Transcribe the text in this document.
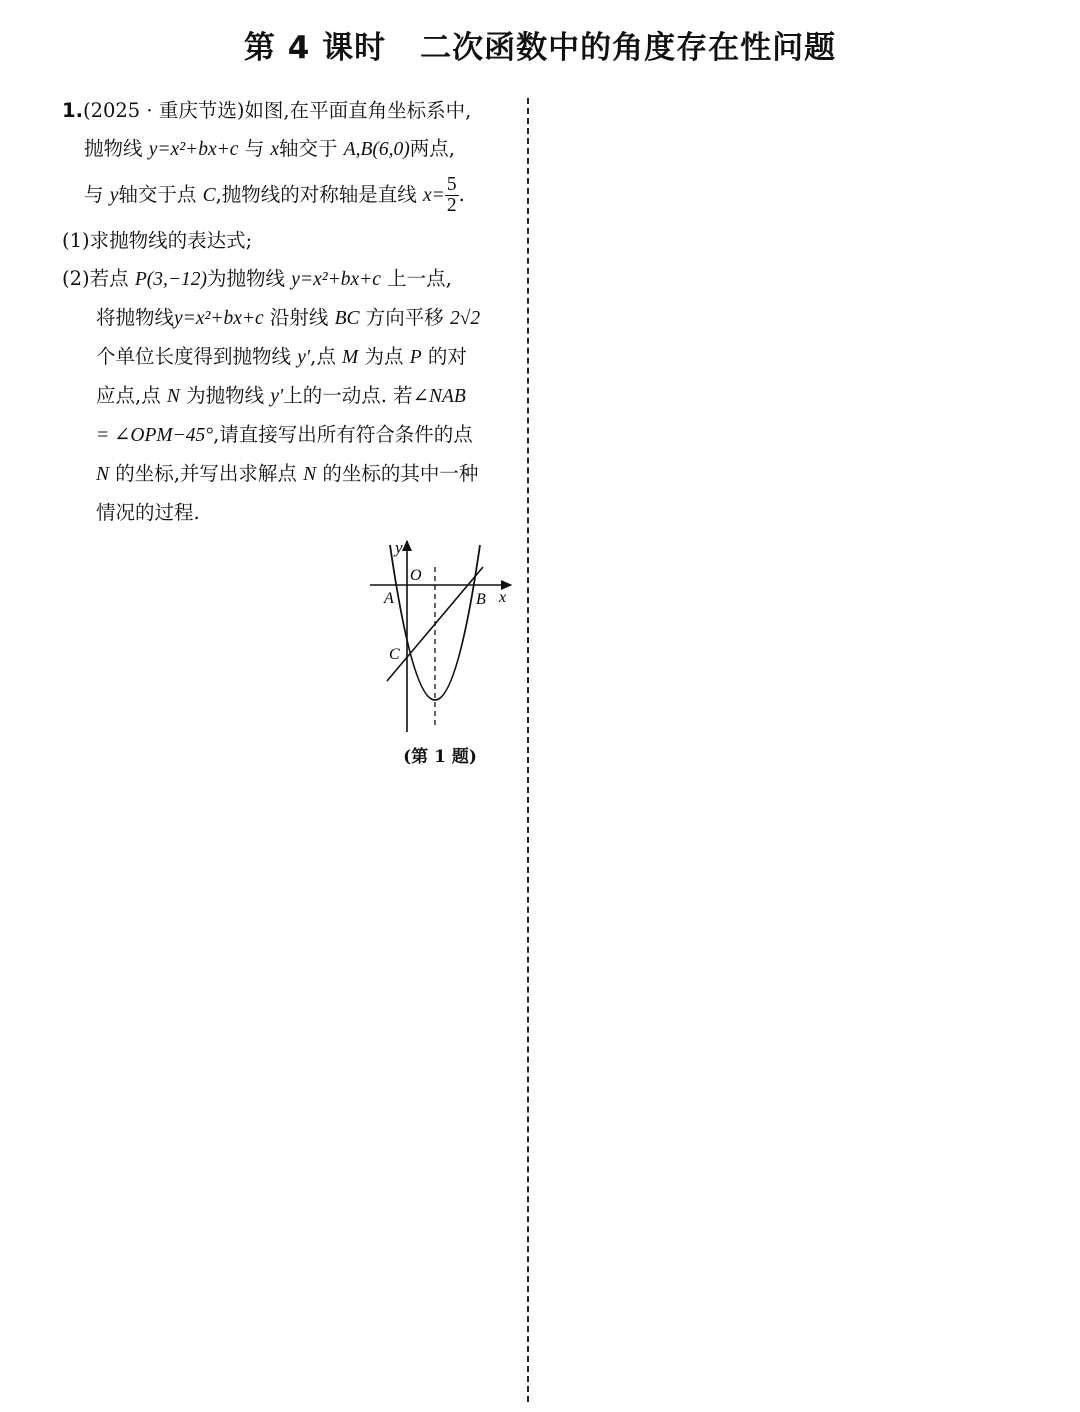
第 4 课时 二次函数中的角度存在性问题
1.(2025 · 重庆节选)如图,在平面直角坐标系中,
抛物线 y=x²+bx+c 与 x轴交于 A,B(6,0)两点,
与 y轴交于点 C,抛物线的对称轴是直线 $x= \frac{5}{2}$ .
(1)求抛物线的表达式;
(2)若点 P(3,−12)为抛物线 y=x²+bx+c 上一点,
将抛物线y=x²+bx+c 沿射线 BC 方向平移 2√2
个单位长度得到抛物线 y′,点 M 为点 P 的对
应点,点 N 为抛物线 y′上的一动点. 若∠NAB
= ∠OPM−45°,请直接写出所有符合条件的点
N 的坐标,并写出求解点 N 的坐标的其中一种
情况的过程.
y
O
A	B x
C
(第 1 题)
